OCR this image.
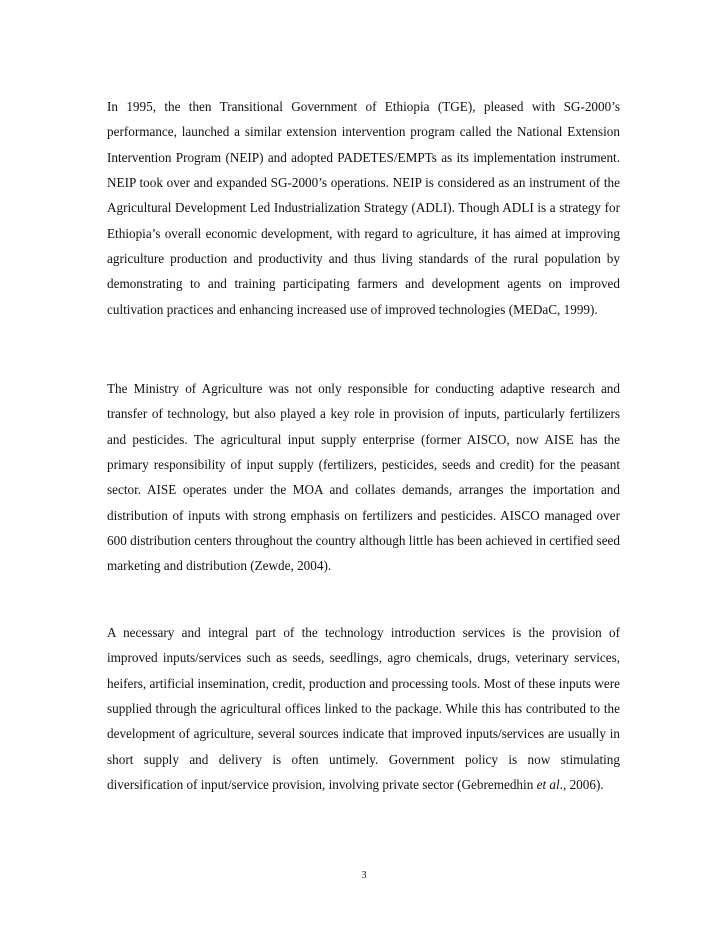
In 1995, the then Transitional Government of Ethiopia (TGE), pleased with SG-2000’s performance, launched a similar extension intervention program called the National Extension Intervention Program (NEIP) and adopted PADETES/EMPTs as its implementation instrument. NEIP took over and expanded SG-2000’s operations. NEIP is considered as an instrument of the Agricultural Development Led Industrialization Strategy (ADLI). Though ADLI is a strategy for Ethiopia’s overall economic development, with regard to agriculture, it has aimed at improving agriculture production and productivity and thus living standards of the rural population by demonstrating to and training participating farmers and development agents on improved cultivation practices and enhancing increased use of improved technologies (MEDaC, 1999).

The Ministry of Agriculture was not only responsible for conducting adaptive research and transfer of technology, but also played a key role in provision of inputs, particularly fertilizers and pesticides. The agricultural input supply enterprise (former AISCO, now AISE has the primary responsibility of input supply (fertilizers, pesticides, seeds and credit) for the peasant sector. AISE operates under the MOA and collates demands, arranges the importation and distribution of inputs with strong emphasis on fertilizers and pesticides. AISCO managed over 600 distribution centers throughout the country although little has been achieved in certified seed marketing and distribution (Zewde, 2004).

A necessary and integral part of the technology introduction services is the provision of improved inputs/services such as seeds, seedlings, agro chemicals, drugs, veterinary services, heifers, artificial insemination, credit, production and processing tools. Most of these inputs were supplied through the agricultural offices linked to the package. While this has contributed to the development of agriculture, several sources indicate that improved inputs/services are usually in short supply and delivery is often untimely. Government policy is now stimulating diversification of input/service provision, involving private sector (Gebremedhin et al., 2006).

3
